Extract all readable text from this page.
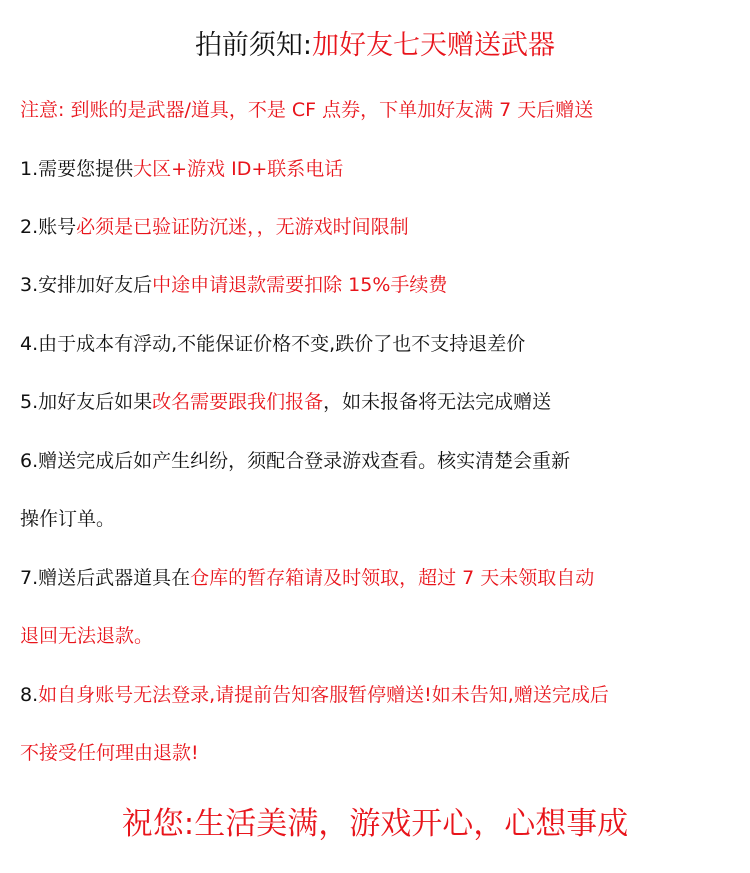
拍前须知:加好友七天赠送武器
注意: 到账的是武器/道具，不是 CF 点券，下单加好友满 7 天后赠送
1.需要您提供大区+游戏 ID+联系电话
2.账号必须是已验证防沉迷，，无游戏时间限制
3.安排加好友后中途申请退款需要扣除 15%手续费
4.由于成本有浮动,不能保证价格不变,跌价了也不支持退差价
5.加好友后如果改名需要跟我们报备，如未报备将无法完成赠送
6.赠送完成后如产生纠纷，须配合登录游戏查看。核实清楚会重新
操作订单。
7.赠送后武器道具在仓库的暂存箱请及时领取，超过 7 天未领取自动
退回无法退款。
8.如自身账号无法登录,请提前告知客服暂停赠送!如未告知,赠送完成后
不接受任何理由退款!
祝您:生活美满，游戏开心，心想事成
